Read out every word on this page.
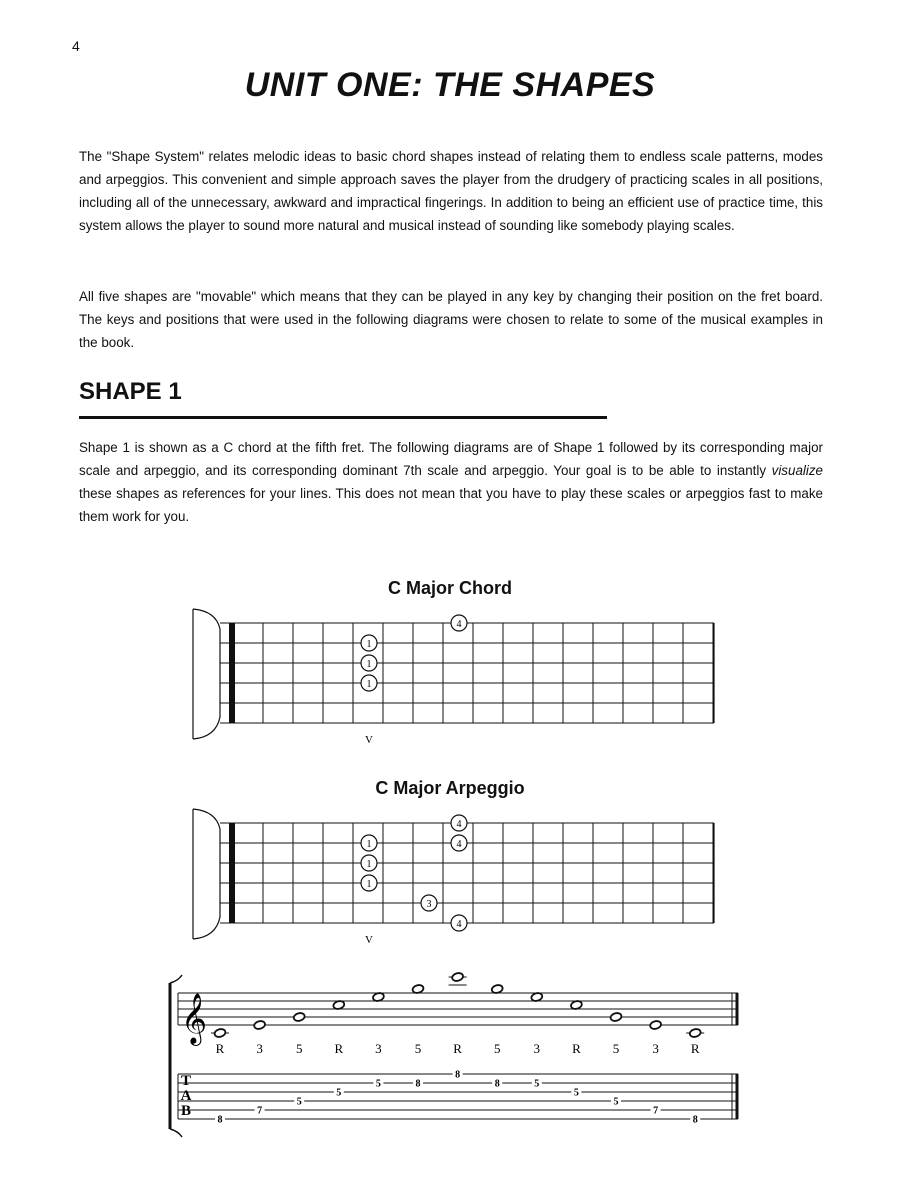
4
UNIT ONE: THE SHAPES

The "Shape System" relates melodic ideas to basic chord shapes instead of relating them to endless scale patterns, modes and arpeggios. This convenient and simple approach saves the player from the drudgery of practicing scales in all positions, including all of the unnecessary, awkward and impractical fingerings. In addition to being an efficient use of practice time, this system allows the player to sound more natural and musical instead of sounding like somebody playing scales.

All five shapes are "movable" which means that they can be played in any key by changing their position on the fret board. The keys and positions that were used in the following diagrams were chosen to relate to some of the musical examples in the book.

SHAPE 1

Shape 1 is shown as a C chord at the fifth fret. The following diagrams are of Shape 1 followed by its corresponding major scale and arpeggio, and its corresponding dominant 7th scale and arpeggio. Your goal is to be able to instantly visualize these shapes as references for your lines. This does not mean that you have to play these scales or arpeggios fast to make them work for you.

C Major Chord
4
1
1
1
V
C Major Arpeggio
4
4
1
1
1
3
4
V
𝄞
T
A
B
R
8
3
7
5
5
R
5
3
5
5
8
R
8
5
8
3
5
R
5
5
5
3
7
R
8
